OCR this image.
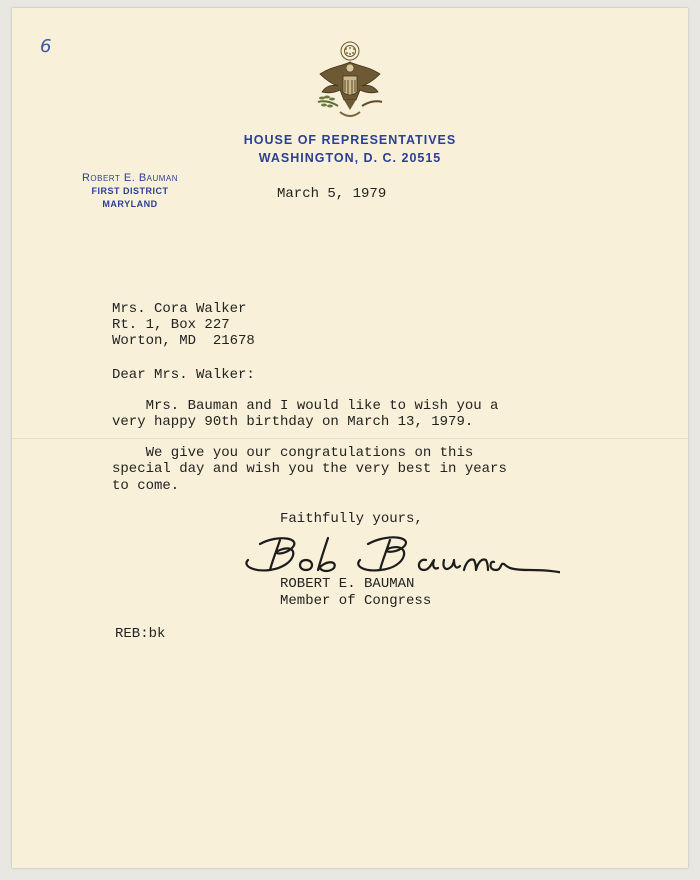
6
HOUSE OF REPRESENTATIVES
WASHINGTON, D. C. 20515
Robert E. Bauman
FIRST DISTRICT
MARYLAND
March 5, 1979
Mrs. Cora Walker
Rt. 1, Box 227
Worton, MD  21678
Dear Mrs. Walker:
Mrs. Bauman and I would like to wish you a
very happy 90th birthday on March 13, 1979.
We give you our congratulations on this
special day and wish you the very best in years
to come.
Faithfully yours,
ROBERT E. BAUMAN
Member of Congress
REB:bk
